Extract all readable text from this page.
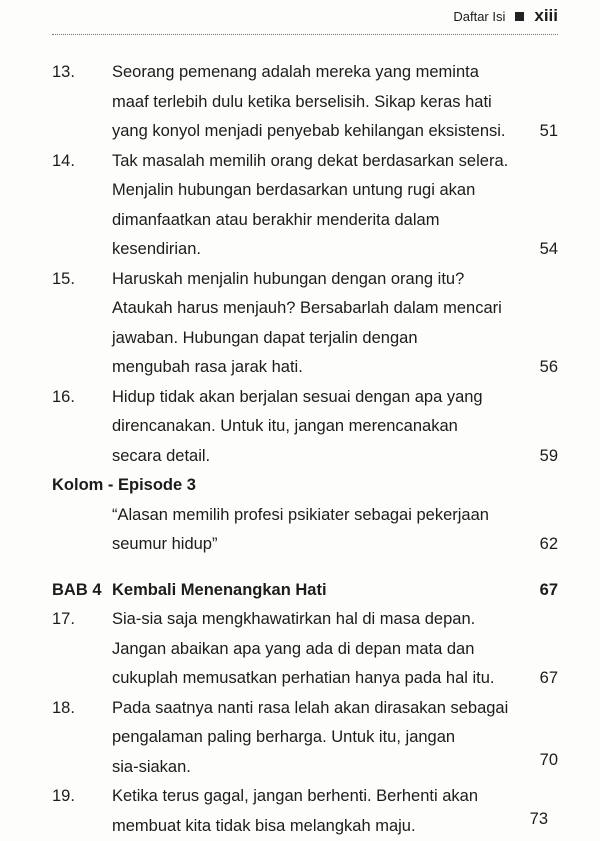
Daftar Isi xiii
13. Seorang pemenang adalah mereka yang meminta
maaf terlebih dulu ketika berselisih. Sikap keras hati
yang konyol menjadi penyebab kehilangan eksistensi.	51
14. Tak masalah memilih orang dekat berdasarkan selera.
Menjalin hubungan berdasarkan untung rugi akan
dimanfaatkan atau berakhir menderita dalam
kesendirian.	54
15. Haruskah menjalin hubungan dengan orang itu?
Ataukah harus menjauh? Bersabarlah dalam mencari
jawaban. Hubungan dapat terjalin dengan
mengubah rasa jarak hati.	56
16. Hidup tidak akan berjalan sesuai dengan apa yang
direncanakan. Untuk itu, jangan merencanakan
secara detail.	59
Kolom - Episode 3
“Alasan memilih profesi psikiater sebagai pekerjaan
seumur hidup”	62
BAB 4 Kembali Menenangkan Hati	67
17. Sia-sia saja mengkhawatirkan hal di masa depan.
Jangan abaikan apa yang ada di depan mata dan
cukuplah memusatkan perhatian hanya pada hal itu.	67
18. Pada saatnya nanti rasa lelah akan dirasakan sebagai
pengalaman paling berharga. Untuk itu, jangan
sia-siakan.	70
19. Ketika terus gagal, jangan berhenti. Berhenti akan
membuat kita tidak bisa melangkah maju.	73
